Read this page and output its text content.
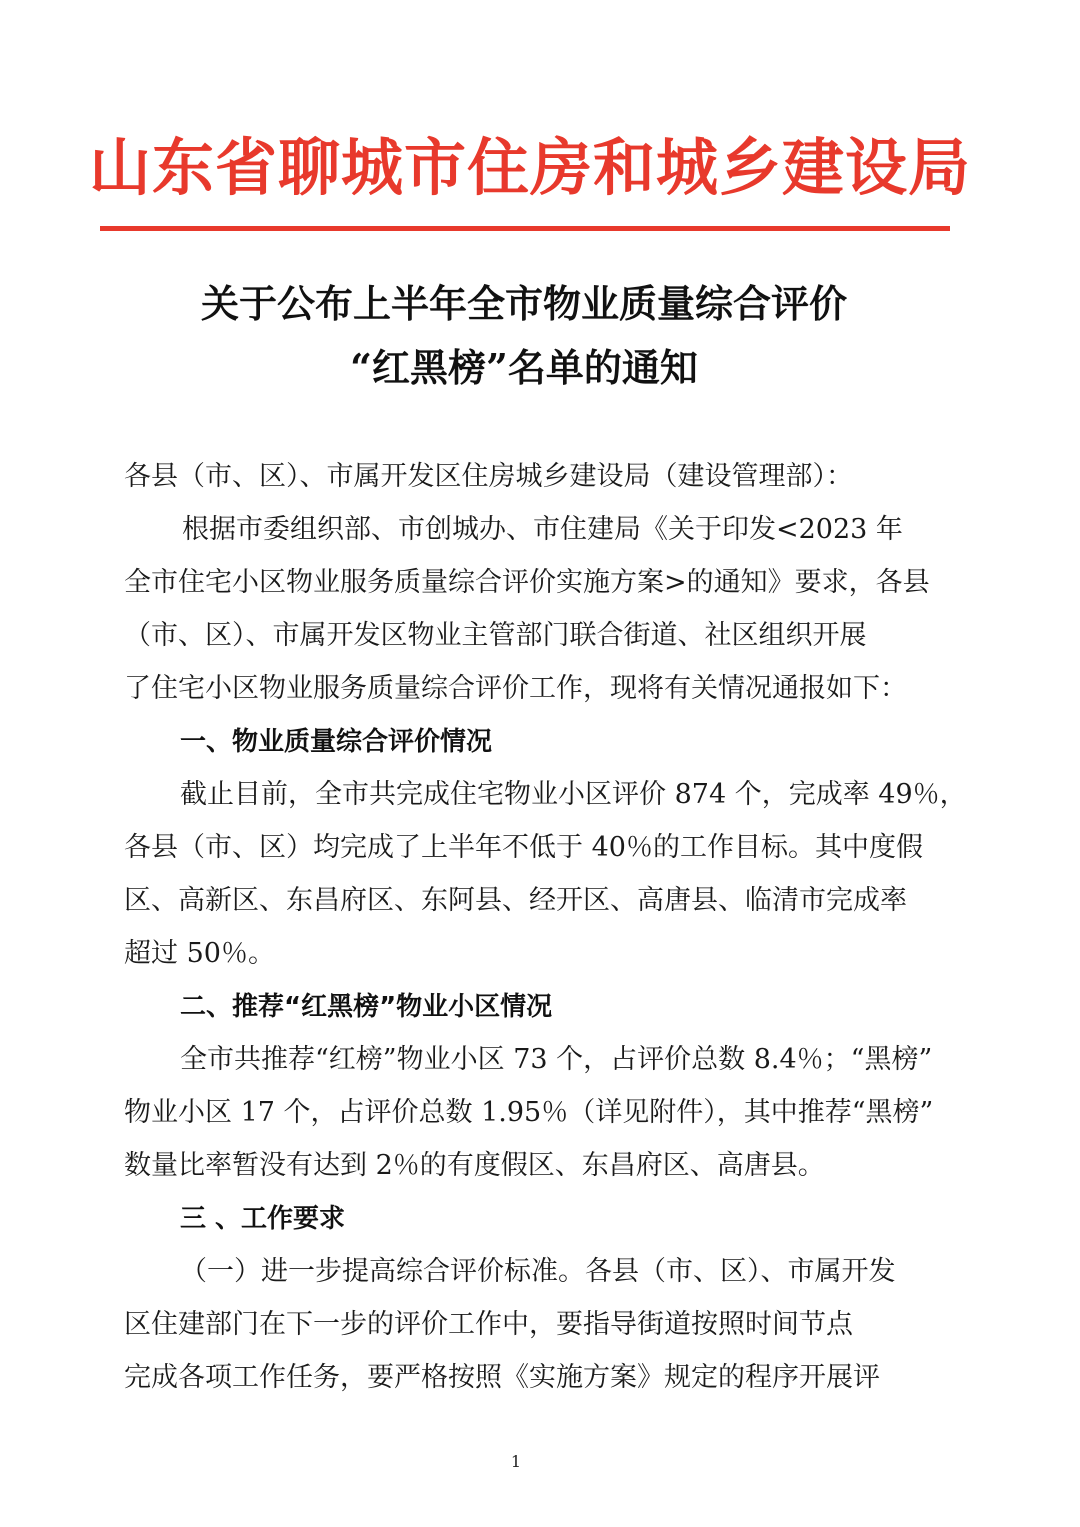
山东省聊城市住房和城乡建设局
关于公布上半年全市物业质量综合评价
“红黑榜”名单的通知
各县（市、区）、市属开发区住房城乡建设局（建设管理部）：
根据市委组织部、市创城办、市住建局《关于印发<2023 年
全市住宅小区物业服务质量综合评价实施方案>的通知》要求，各县
（市、区）、市属开发区物业主管部门联合街道、社区组织开展
了住宅小区物业服务质量综合评价工作，现将有关情况通报如下：
一、物业质量综合评价情况
截止目前，全市共完成住宅物业小区评价 874 个，完成率 49％，
各县（市、区）均完成了上半年不低于 40％的工作目标。其中度假
区、高新区、东昌府区、东阿县、经开区、高唐县、临清市完成率
超过 50％。
二、推荐“红黑榜”物业小区情况
全市共推荐“红榜”物业小区 73 个，占评价总数 8.4％；“黑榜”
物业小区 17 个，占评价总数 1.95％（详见附件），其中推荐“黑榜”
数量比率暂没有达到 2％的有度假区、东昌府区、高唐县。
三 、工作要求
（一）进一步提高综合评价标准。各县（市、区）、市属开发
区住建部门在下一步的评价工作中，要指导街道按照时间节点
完成各项工作任务，要严格按照《实施方案》规定的程序开展评
1
